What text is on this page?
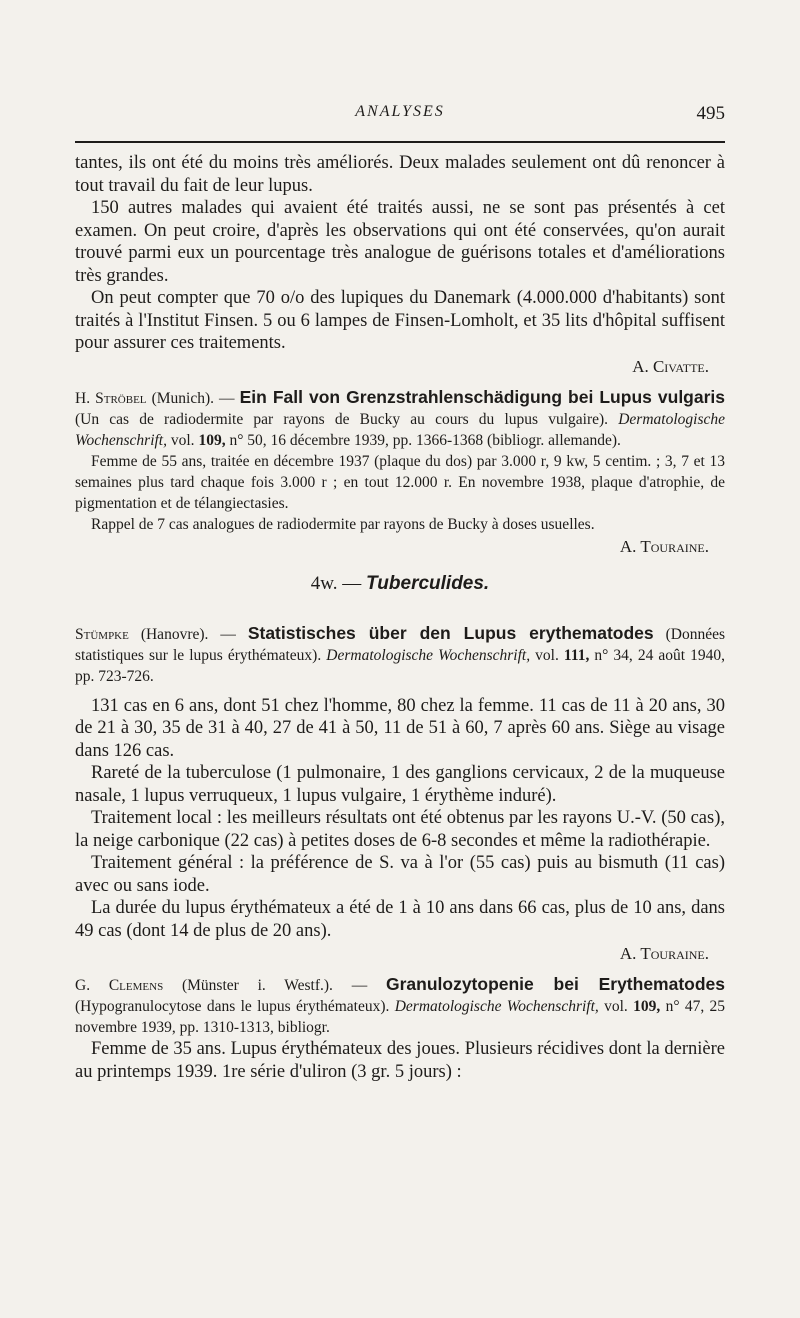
ANALYSES	495

tantes, ils ont été du moins très améliorés. Deux malades seulement ont dû renoncer à tout travail du fait de leur lupus.

150 autres malades qui avaient été traités aussi, ne se sont pas présentés à cet examen. On peut croire, d'après les observations qui ont été conservées, qu'on aurait trouvé parmi eux un pourcentage très analogue de guérisons totales et d'améliorations très grandes.

On peut compter que 70 o/o des lupiques du Danemark (4.000.000 d'habitants) sont traités à l'Institut Finsen. 5 ou 6 lampes de Finsen-Lomholt, et 35 lits d'hôpital suffisent pour assurer ces traitements.

A. Civatte.

H. Ströbel (Munich). — Ein Fall von Grenzstrahlenschädigung bei Lupus vulgaris (Un cas de radiodermite par rayons de Bucky au cours du lupus vulgaire). Dermatologische Wochenschrift, vol. 109, n° 50, 16 décembre 1939, pp. 1366-1368 (bibliogr. allemande).

Femme de 55 ans, traitée en décembre 1937 (plaque du dos) par 3.000 r, 9 kw, 5 centim. ; 3, 7 et 13 semaines plus tard chaque fois 3.000 r ; en tout 12.000 r. En novembre 1938, plaque d'atrophie, de pigmentation et de télangiectasies.

Rappel de 7 cas analogues de radiodermite par rayons de Bucky à doses usuelles.

A. Touraine.

4w. — Tuberculides.

Stümpke (Hanovre). — Statistisches über den Lupus erythematodes (Données statistiques sur le lupus érythémateux). Dermatologische Wochenschrift, vol. 111, n° 34, 24 août 1940, pp. 723-726.

131 cas en 6 ans, dont 51 chez l'homme, 80 chez la femme. 11 cas de 11 à 20 ans, 30 de 21 à 30, 35 de 31 à 40, 27 de 41 à 50, 11 de 51 à 60, 7 après 60 ans. Siège au visage dans 126 cas.

Rareté de la tuberculose (1 pulmonaire, 1 des ganglions cervicaux, 2 de la muqueuse nasale, 1 lupus verruqueux, 1 lupus vulgaire, 1 érythème induré).

Traitement local : les meilleurs résultats ont été obtenus par les rayons U.-V. (50 cas), la neige carbonique (22 cas) à petites doses de 6-8 secondes et même la radiothérapie.

Traitement général : la préférence de S. va à l'or (55 cas) puis au bismuth (11 cas) avec ou sans iode.

La durée du lupus érythémateux a été de 1 à 10 ans dans 66 cas, plus de 10 ans, dans 49 cas (dont 14 de plus de 20 ans).

A. Touraine.

G. Clemens (Münster i. Westf.). — Granulozytopenie bei Erythematodes (Hypogranulocytose dans le lupus érythémateux). Dermatologische Wochenschrift, vol. 109, n° 47, 25 novembre 1939, pp. 1310-1313, bibliogr.

Femme de 35 ans. Lupus érythémateux des joues. Plusieurs récidives dont la dernière au printemps 1939. 1re série d'uliron (3 gr. 5 jours) :
